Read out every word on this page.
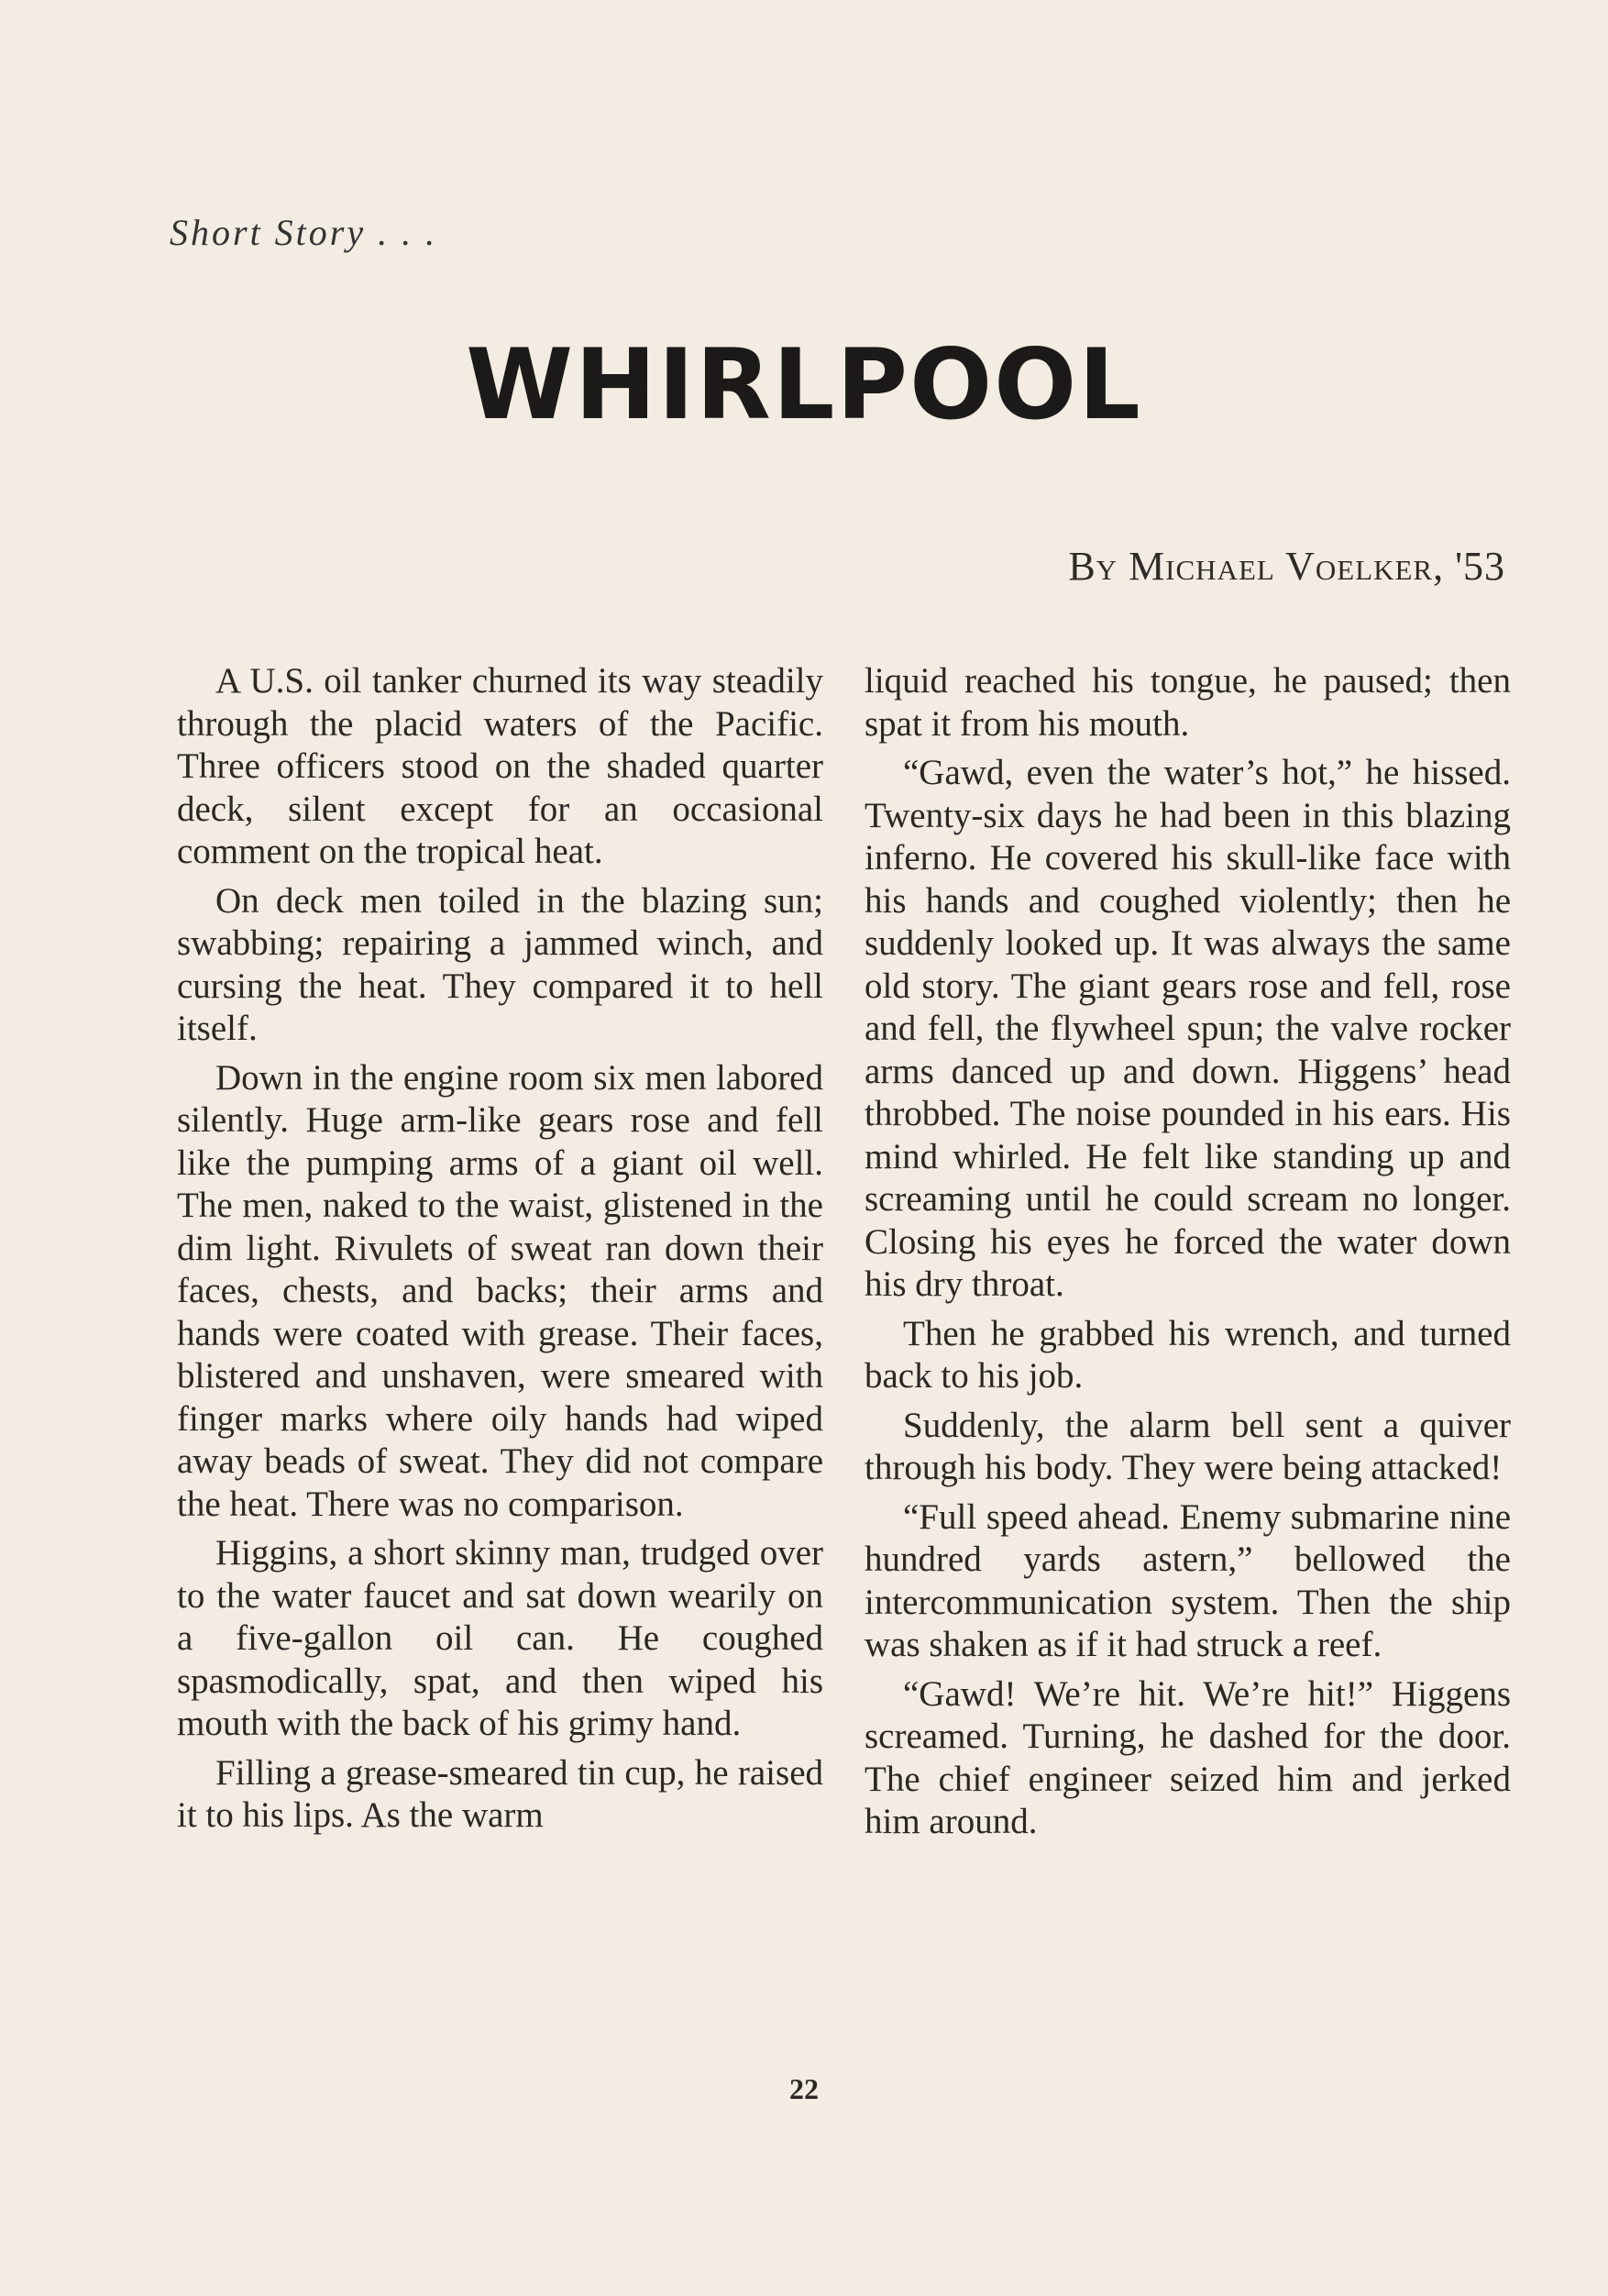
Short Story . . .
WHIRLPOOL
By Michael Voelker, '53

A U.S. oil tanker churned its way steadily through the placid waters of the Pacific. Three officers stood on the shaded quarter deck, silent except for an occasional comment on the tropical heat.

On deck men toiled in the blazing sun; swabbing; repairing a jammed winch, and cursing the heat. They compared it to hell itself.

Down in the engine room six men labored silently. Huge arm-like gears rose and fell like the pumping arms of a giant oil well. The men, naked to the waist, glistened in the dim light. Rivulets of sweat ran down their faces, chests, and backs; their arms and hands were coated with grease. Their faces, blistered and unshaven, were smeared with finger marks where oily hands had wiped away beads of sweat. They did not compare the heat. There was no comparison.

Higgins, a short skinny man, trudged over to the water faucet and sat down wearily on a five-gallon oil can. He coughed spasmodically, spat, and then wiped his mouth with the back of his grimy hand.

Filling a grease-smeared tin cup, he raised it to his lips. As the warm

liquid reached his tongue, he paused; then spat it from his mouth.

“Gawd, even the water’s hot,” he hissed. Twenty-six days he had been in this blazing inferno. He covered his skull-like face with his hands and coughed violently; then he suddenly looked up. It was always the same old story. The giant gears rose and fell, rose and fell, the flywheel spun; the valve rocker arms danced up and down. Higgens’ head throbbed. The noise pounded in his ears. His mind whirled. He felt like standing up and screaming until he could scream no longer. Closing his eyes he forced the water down his dry throat.

Then he grabbed his wrench, and turned back to his job.

Suddenly, the alarm bell sent a quiver through his body. They were being attacked!

“Full speed ahead. Enemy submarine nine hundred yards astern,” bellowed the intercommunication system. Then the ship was shaken as if it had struck a reef.

“Gawd! We’re hit. We’re hit!” Higgens screamed. Turning, he dashed for the door. The chief engineer seized him and jerked him around.

22
